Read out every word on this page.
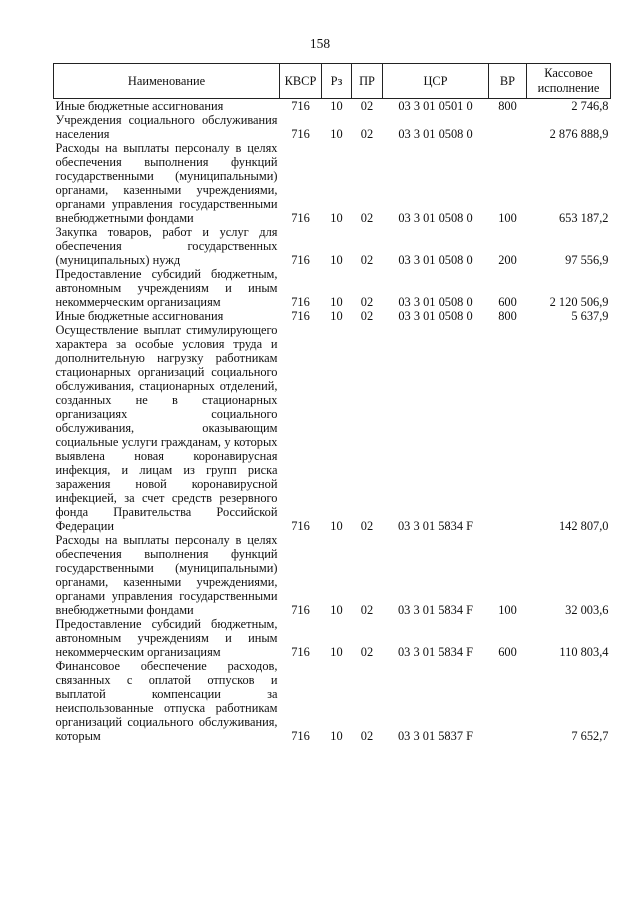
158
Наименование	КВСР	Рз	ПР	ЦСР	ВР	Кассовое исполнение
Иные бюджетные ассигнования	716	10	02	03 3 01 0501 0	800	2 746,8
Учреждения социального обслуживания населения	716	10	02	03 3 01 0508 0		2 876 888,9
Расходы на выплаты персоналу в целях обеспечения выполнения функций государственными (муниципальными) органами, казенными учреждениями, органами управления государственными внебюджетными фондами	716	10	02	03 3 01 0508 0	100	653 187,2
Закупка товаров, работ и услуг для обеспечения государственных (муниципальных) нужд	716	10	02	03 3 01 0508 0	200	97 556,9
Предоставление субсидий бюджетным, автономным учреждениям и иным некоммерческим организациям	716	10	02	03 3 01 0508 0	600	2 120 506,9
Иные бюджетные ассигнования	716	10	02	03 3 01 0508 0	800	5 637,9
Осуществление выплат стимулирующего характера за особые условия труда и дополнительную нагрузку работникам стационарных организаций социального обслуживания, стационарных отделений, созданных не в стационарных организациях социального обслуживания, оказывающим социальные услуги гражданам, у которых выявлена новая коронавирусная инфекция, и лицам из групп риска заражения новой коронавирусной инфекцией, за счет средств резервного фонда Правительства Российской Федерации	716	10	02	03 3 01 5834 F		142 807,0
Расходы на выплаты персоналу в целях обеспечения выполнения функций государственными (муниципальными) органами, казенными учреждениями, органами управления государственными внебюджетными фондами	716	10	02	03 3 01 5834 F	100	32 003,6
Предоставление субсидий бюджетным, автономным учреждениям и иным некоммерческим организациям	716	10	02	03 3 01 5834 F	600	110 803,4
Финансовое обеспечение расходов, связанных с оплатой отпусков и выплатой компенсации за неиспользованные отпуска работникам организаций социального обслуживания, которым	716	10	02	03 3 01 5837 F		7 652,7
